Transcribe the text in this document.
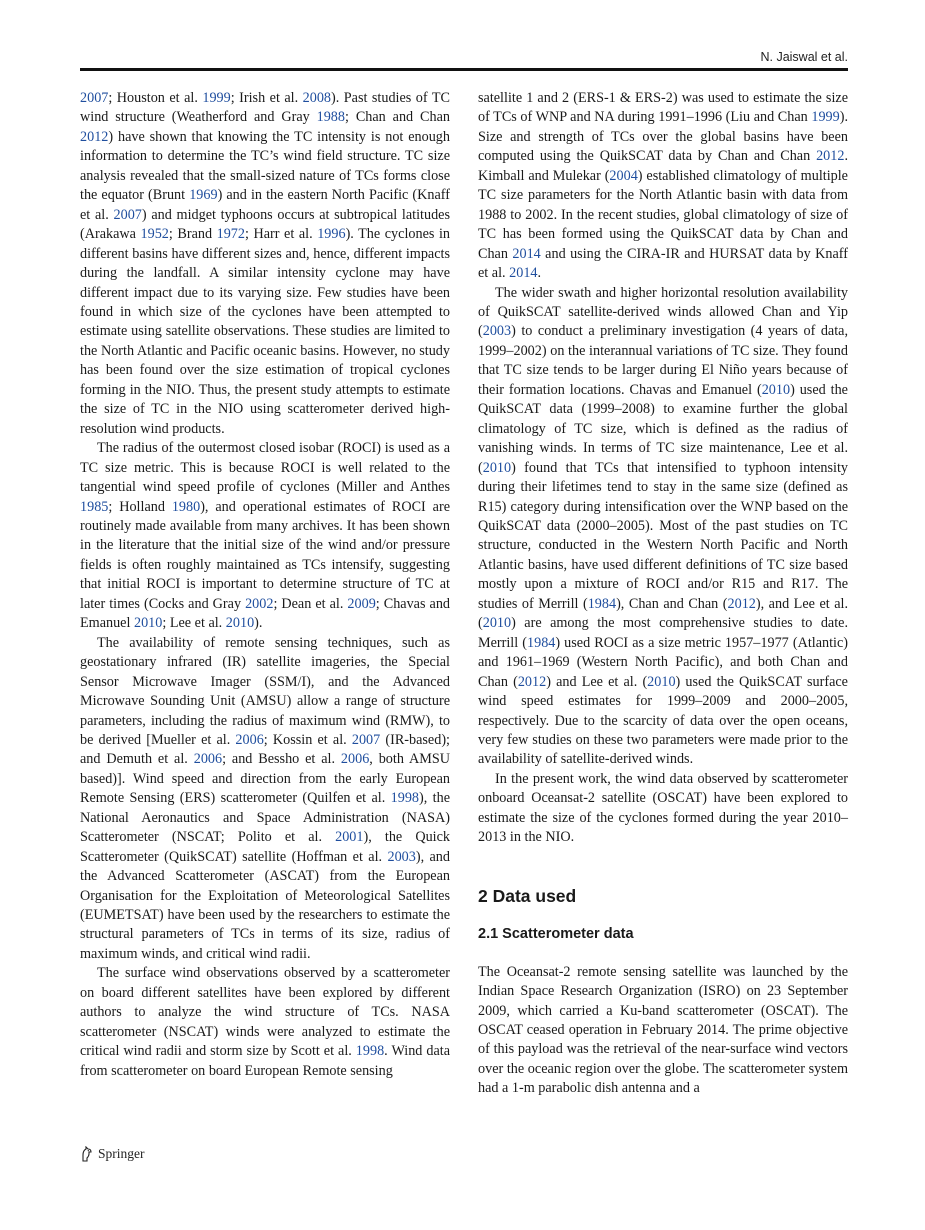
N. Jaiswal et al.

2007; Houston et al. 1999; Irish et al. 2008). Past studies of TC wind structure (Weatherford and Gray 1988; Chan and Chan 2012) have shown that knowing the TC intensity is not enough information to determine the TC’s wind field structure. TC size analysis revealed that the small-sized nature of TCs forms close the equator (Brunt 1969) and in the eastern North Pacific (Knaff et al. 2007) and midget typhoons occurs at subtropical latitudes (Arakawa 1952; Brand 1972; Harr et al. 1996). The cyclones in different basins have different sizes and, hence, different impacts during the landfall. A similar intensity cyclone may have different impact due to its varying size. Few studies have been found in which size of the cyclones have been attempted to estimate using satellite observations. These studies are limited to the North Atlantic and Pacific oceanic basins. However, no study has been found over the size estimation of tropical cyclones forming in the NIO. Thus, the present study attempts to estimate the size of TC in the NIO using scatterometer derived high-resolution wind products.

The radius of the outermost closed isobar (ROCI) is used as a TC size metric. This is because ROCI is well related to the tangential wind speed profile of cyclones (Miller and Anthes 1985; Holland 1980), and operational estimates of ROCI are routinely made available from many archives. It has been shown in the literature that the initial size of the wind and/or pressure fields is often roughly maintained as TCs intensify, suggesting that initial ROCI is important to determine structure of TC at later times (Cocks and Gray 2002; Dean et al. 2009; Chavas and Emanuel 2010; Lee et al. 2010).

The availability of remote sensing techniques, such as geostationary infrared (IR) satellite imageries, the Special Sensor Microwave Imager (SSM/I), and the Advanced Microwave Sounding Unit (AMSU) allow a range of structure parameters, including the radius of maximum wind (RMW), to be derived [Mueller et al. 2006; Kossin et al. 2007 (IR-based); and Demuth et al. 2006; and Bessho et al. 2006, both AMSU based)]. Wind speed and direction from the early European Remote Sensing (ERS) scatterometer (Quilfen et al. 1998), the National Aeronautics and Space Administration (NASA) Scatterometer (NSCAT; Polito et al. 2001), the Quick Scatterometer (QuikSCAT) satellite (Hoffman et al. 2003), and the Advanced Scatterometer (ASCAT) from the European Organisation for the Exploitation of Meteorological Satellites (EUMETSAT) have been used by the researchers to estimate the structural parameters of TCs in terms of its size, radius of maximum winds, and critical wind radii.

The surface wind observations observed by a scatterometer on board different satellites have been explored by different authors to analyze the wind structure of TCs. NASA scatterometer (NSCAT) winds were analyzed to estimate the critical wind radii and storm size by Scott et al. 1998. Wind data from scatterometer on board European Remote sensing

satellite 1 and 2 (ERS-1 & ERS-2) was used to estimate the size of TCs of WNP and NA during 1991–1996 (Liu and Chan 1999). Size and strength of TCs over the global basins have been computed using the QuikSCAT data by Chan and Chan 2012. Kimball and Mulekar (2004) established climatology of multiple TC size parameters for the North Atlantic basin with data from 1988 to 2002. In the recent studies, global climatology of size of TC has been formed using the QuikSCAT data by Chan and Chan 2014 and using the CIRA-IR and HURSAT data by Knaff et al. 2014.

The wider swath and higher horizontal resolution availability of QuikSCAT satellite-derived winds allowed Chan and Yip (2003) to conduct a preliminary investigation (4 years of data, 1999–2002) on the interannual variations of TC size. They found that TC size tends to be larger during El Niño years because of their formation locations. Chavas and Emanuel (2010) used the QuikSCAT data (1999–2008) to examine further the global climatology of TC size, which is defined as the radius of vanishing winds. In terms of TC size maintenance, Lee et al. (2010) found that TCs that intensified to typhoon intensity during their lifetimes tend to stay in the same size (defined as R15) category during intensification over the WNP based on the QuikSCAT data (2000–2005). Most of the past studies on TC structure, conducted in the Western North Pacific and North Atlantic basins, have used different definitions of TC size based mostly upon a mixture of ROCI and/or R15 and R17. The studies of Merrill (1984), Chan and Chan (2012), and Lee et al. (2010) are among the most comprehensive studies to date. Merrill (1984) used ROCI as a size metric 1957–1977 (Atlantic) and 1961–1969 (Western North Pacific), and both Chan and Chan (2012) and Lee et al. (2010) used the QuikSCAT surface wind speed estimates for 1999–2009 and 2000–2005, respectively. Due to the scarcity of data over the open oceans, very few studies on these two parameters were made prior to the availability of satellite-derived winds.

In the present work, the wind data observed by scatterometer onboard Oceansat-2 satellite (OSCAT) have been explored to estimate the size of the cyclones formed during the year 2010–2013 in the NIO.

2 Data used
2.1 Scatterometer data

The Oceansat-2 remote sensing satellite was launched by the Indian Space Research Organization (ISRO) on 23 September 2009, which carried a Ku-band scatterometer (OSCAT). The OSCAT ceased operation in February 2014. The prime objective of this payload was the retrieval of the near-surface wind vectors over the oceanic region over the globe. The scatterometer system had a 1-m parabolic dish antenna and a

Springer
